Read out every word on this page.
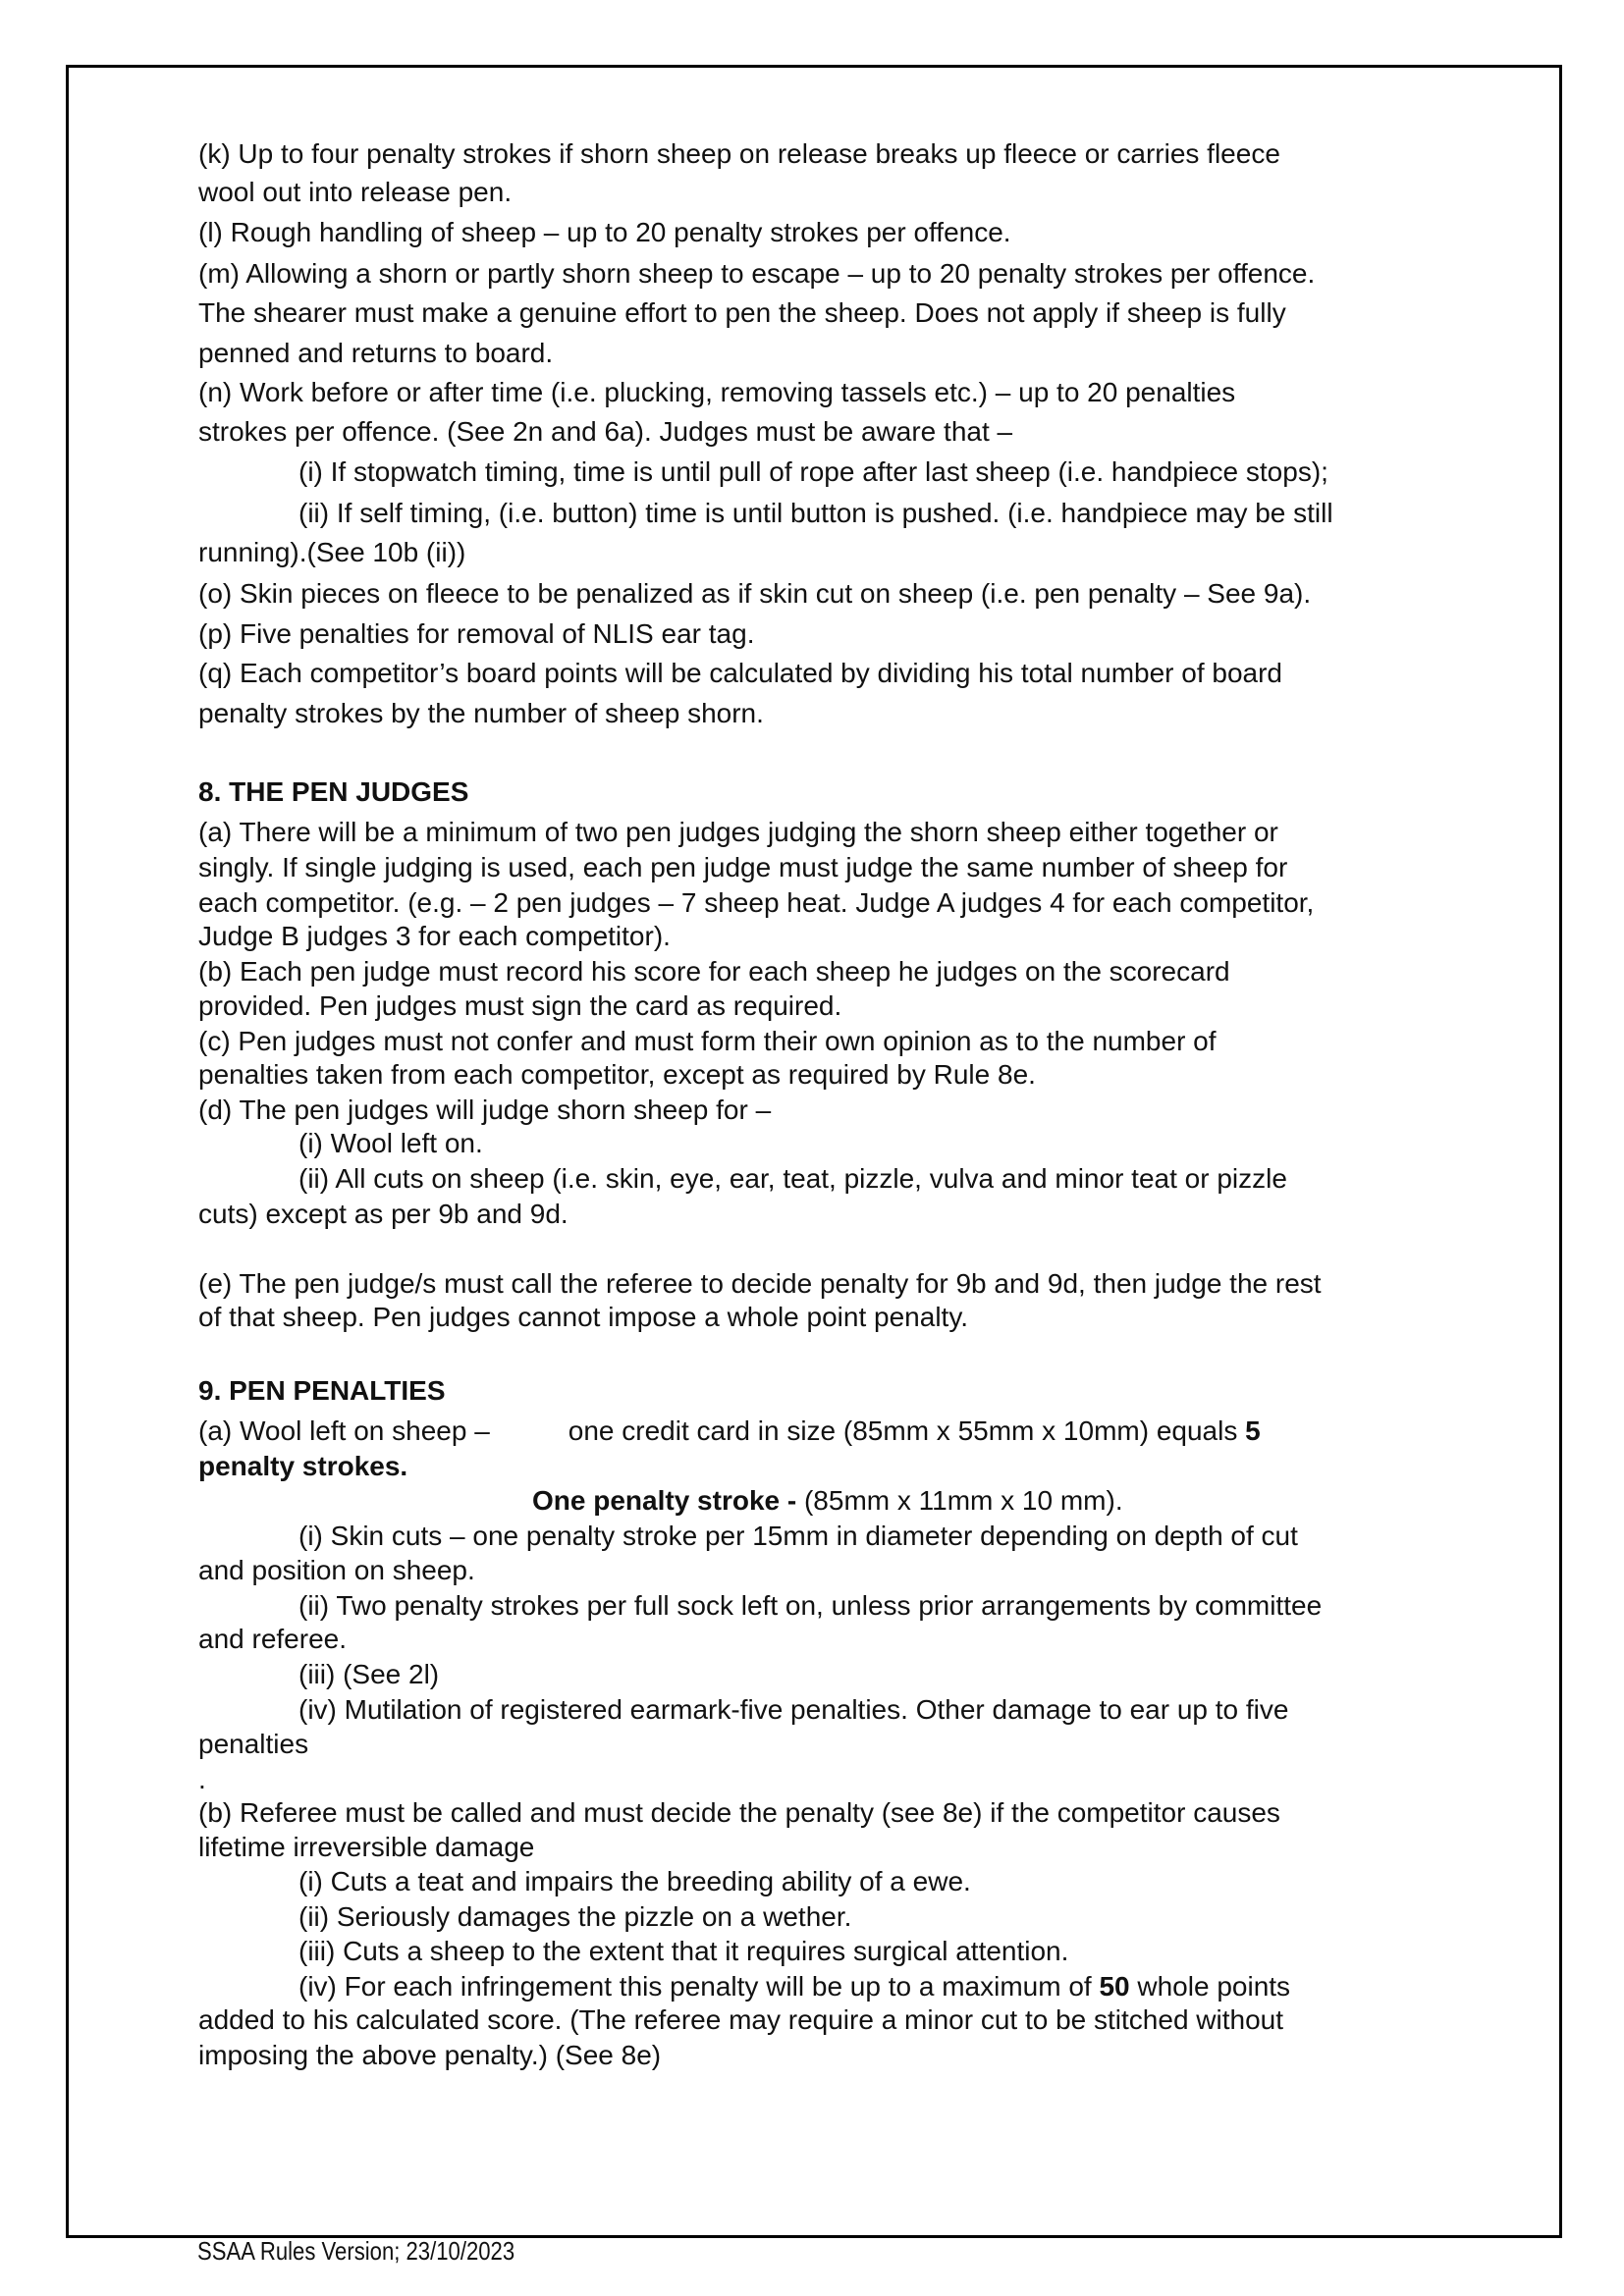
(k) Up to four penalty strokes if shorn sheep on release breaks up fleece or carries fleece
wool out into release pen.
(l) Rough handling of sheep – up to 20 penalty strokes per offence.
(m) Allowing a shorn or partly shorn sheep to escape – up to 20 penalty strokes per offence.
The shearer must make a genuine effort to pen the sheep. Does not apply if sheep is fully
penned and returns to board.
(n) Work before or after time (i.e. plucking, removing tassels etc.) – up to 20 penalties
strokes per offence. (See 2n and 6a). Judges must be aware that –
(i) If stopwatch timing, time is until pull of rope after last sheep (i.e. handpiece stops);
(ii) If self timing, (i.e. button) time is until button is pushed. (i.e. handpiece may be still
running).(See 10b (ii))
(o) Skin pieces on fleece to be penalized as if skin cut on sheep (i.e. pen penalty – See 9a).
(p) Five penalties for removal of NLIS ear tag.
(q) Each competitor’s board points will be calculated by dividing his total number of board
penalty strokes by the number of sheep shorn.
8. THE PEN JUDGES
(a) There will be a minimum of two pen judges judging the shorn sheep either together or
singly. If single judging is used, each pen judge must judge the same number of sheep for
each competitor. (e.g. – 2 pen judges – 7 sheep heat. Judge A judges 4 for each competitor,
Judge B judges 3 for each competitor).
(b) Each pen judge must record his score for each sheep he judges on the scorecard
provided. Pen judges must sign the card as required.
(c) Pen judges must not confer and must form their own opinion as to the number of
penalties taken from each competitor, except as required by Rule 8e.
(d) The pen judges will judge shorn sheep for –
(i) Wool left on.
(ii) All cuts on sheep (i.e. skin, eye, ear, teat, pizzle, vulva and minor teat or pizzle
cuts) except as per 9b and 9d.
(e) The pen judge/s must call the referee to decide penalty for 9b and 9d, then judge the rest
of that sheep. Pen judges cannot impose a whole point penalty.
9. PEN PENALTIES
(a) Wool left on sheep –	one credit card in size (85mm x 55mm x 10mm) equals 5
penalty strokes.
One penalty stroke - (85mm x 11mm x 10 mm).
(i) Skin cuts – one penalty stroke per 15mm in diameter depending on depth of cut
and position on sheep.
(ii) Two penalty strokes per full sock left on, unless prior arrangements by committee
and referee.
(iii) (See 2l)
(iv) Mutilation of registered earmark-five penalties. Other damage to ear up to five
penalties
.
(b) Referee must be called and must decide the penalty (see 8e) if the competitor causes
lifetime irreversible damage
(i) Cuts a teat and impairs the breeding ability of a ewe.
(ii) Seriously damages the pizzle on a wether.
(iii) Cuts a sheep to the extent that it requires surgical attention.
(iv) For each infringement this penalty will be up to a maximum of 50 whole points
added to his calculated score. (The referee may require a minor cut to be stitched without
imposing the above penalty.) (See 8e)
SSAA Rules Version; 23/10/2023
